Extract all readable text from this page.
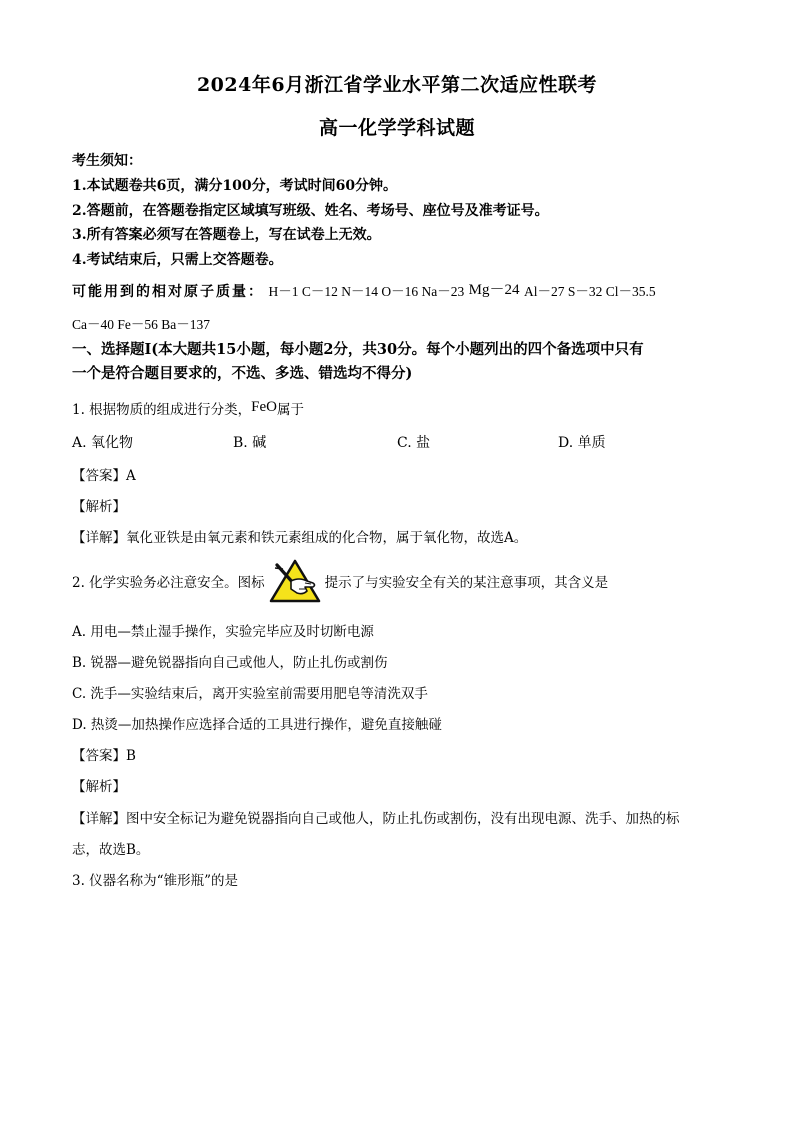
2024年6月浙江省学业水平第二次适应性联考
高一化学学科试题
考生须知：
1.本试题卷共6页，满分100分，考试时间60分钟。
2.答题前，在答题卷指定区域填写班级、姓名、考场号、座位号及准考证号。
3.所有答案必须写在答题卷上，写在试卷上无效。
4.考试结束后，只需上交答题卷。
可能用到的相对原子质量： H－1 C－12 N－14 O－16 Na－23 Mg－24 Al－27 S－32 Cl－35.5
Ca－40 Fe－56 Ba－137
一、选择题Ⅰ(本大题共15小题，每小题2分，共30分。每个小题列出的四个备选项中只有
一个是符合题目要求的，不选、多选、错选均不得分)
1. 根据物质的组成进行分类，FeO属于
A. 氧化物	B. 碱	C. 盐	D. 单质
【答案】A
【解析】
【详解】氧化亚铁是由氧元素和铁元素组成的化合物，属于氧化物，故选A。
2. 化学实验务必注意安全。图标	提示了与实验安全有关的某注意事项，其含义是
A. 用电—禁止湿手操作，实验完毕应及时切断电源
B. 锐器—避免锐器指向自己或他人，防止扎伤或割伤
C. 洗手—实验结束后，离开实验室前需要用肥皂等清洗双手
D. 热烫—加热操作应选择合适的工具进行操作，避免直接触碰
【答案】B
【解析】
【详解】图中安全标记为避免锐器指向自己或他人，防止扎伤或割伤，没有出现电源、洗手、加热的标
志，故选B。
3. 仪器名称为“锥形瓶”的是
